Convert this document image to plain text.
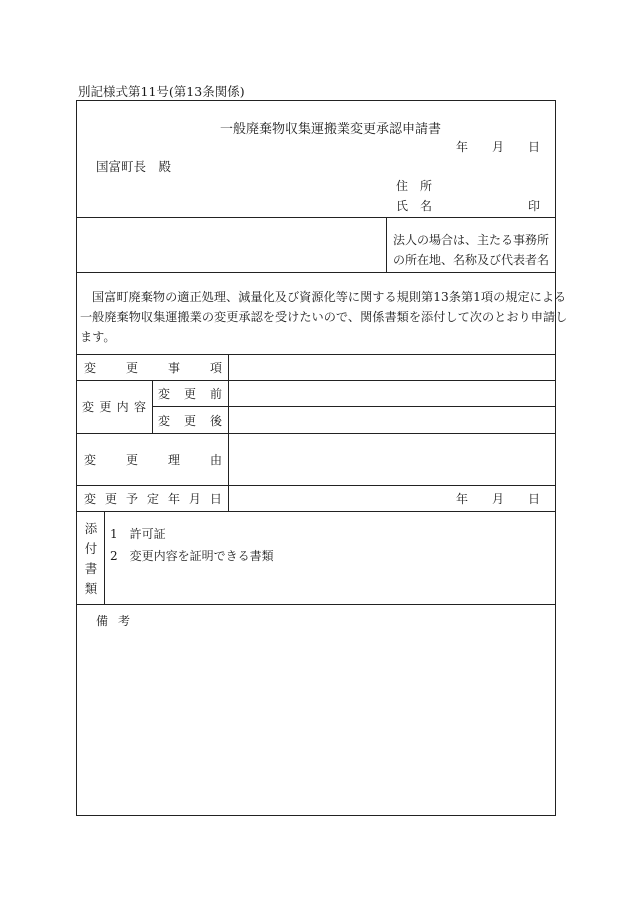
別記様式第11号(第13条関係)
一般廃棄物収集運搬業変更承認申請書
年 月 日
国富町長　殿
住 所
氏 名	印
法人の場合は、主たる事務所
の所在地、名称及び代表者名
国富町廃棄物の適正処理、減量化及び資源化等に関する規則第13条第1項の規定による
一般廃棄物収集運搬業の変更承認を受けたいので、関係書類を添付して次のとおり申請し
ます。
変 更 事 項
変 更 内 容
変 更 前
変 更 後
変 更 理 由
変 更 予 定 年 月 日	年 月 日
添
付
書
類
1　許可証
2　変更内容を証明できる書類
備 考
